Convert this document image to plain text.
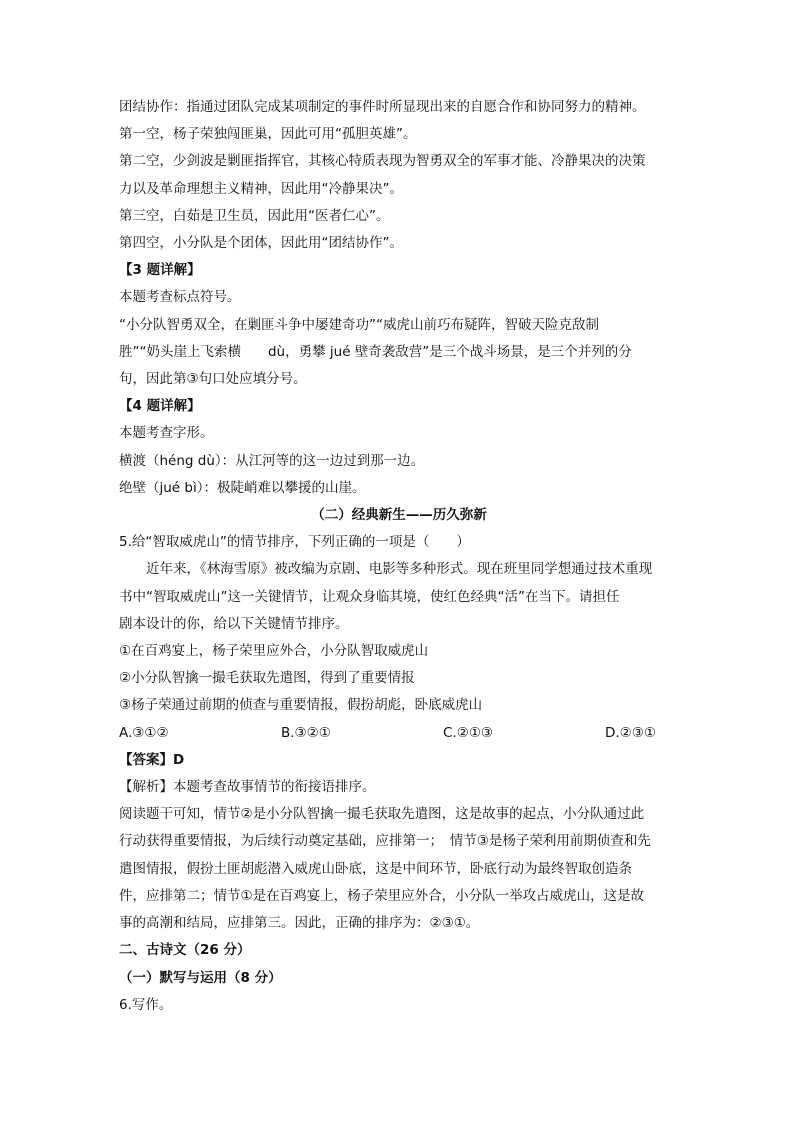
团结协作：指通过团队完成某项制定的事件时所显现出来的自愿合作和协同努力的精神。
第一空，杨子荣独闯匪巢，因此可用“孤胆英雄”。
第二空，少剑波是剿匪指挥官，其核心特质表现为智勇双全的军事才能、冷静果决的决策
力以及革命理想主义精神，因此用“冷静果决”。
第三空，白茹是卫生员，因此用“医者仁心”。
第四空，小分队是个团体，因此用“团结协作”。
【3 题详解】
本题考查标点符号。
“小分队智勇双全，在剿匪斗争中屡建奇功”“威虎山前巧布疑阵，智破天险克敌制
胜”“奶头崖上飞索横　　dù，勇攀 jué 壁奇袭敌营”是三个战斗场景，是三个并列的分
句，因此第③句口处应填分号。
【4 题详解】
本题考查字形。
横渡（héng dù）：从江河等的这一边过到那一边。
绝壁（jué bì）：极陡峭难以攀援的山崖。
（二）经典新生——历久弥新
5.给“智取威虎山”的情节排序，下列正确的一项是（　　）
近年来，《林海雪原》被改编为京剧、电影等多种形式。现在班里同学想通过技术重现
书中“智取威虎山”这一关键情节，让观众身临其境，使红色经典“活”在当下。请担任
剧本设计的你，给以下关键情节排序。
①在百鸡宴上，杨子荣里应外合，小分队智取威虎山
②小分队智擒一撮毛获取先遣图，得到了重要情报
③杨子荣通过前期的侦查与重要情报，假扮胡彪，卧底威虎山
A.③①②	B.③②①	C.②①③	D.②③①
【答案】D
【解析】本题考查故事情节的衔接语排序。
阅读题干可知，情节②是小分队智擒一撮毛获取先遣图，这是故事的起点，小分队通过此
行动获得重要情报，为后续行动奠定基础，应排第一；　情节③是杨子荣利用前期侦查和先
遣图情报，假扮土匪胡彪潜入威虎山卧底，这是中间环节，卧底行动为最终智取创造条
件，应排第二；情节①是在百鸡宴上，杨子荣里应外合，小分队一举攻占威虎山，这是故
事的高潮和结局，应排第三。因此，正确的排序为：②③①。
二、古诗文（26 分）
（一）默写与运用（8 分）
6.写作。
